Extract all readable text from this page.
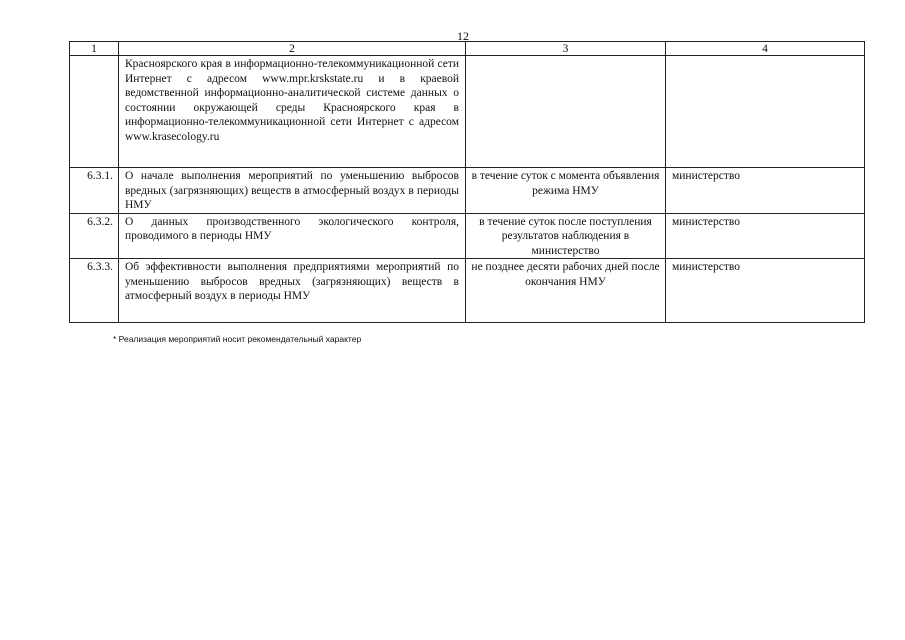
12
1	2	3	4
	Красноярского края в информационно-телекоммуникационной сети Интернет с адресом www.mpr.krskstate.ru и в краевой ведомственной информационно-аналитической системе данных о состоянии окружающей среды Красноярского края в информационно-телекоммуникационной сети Интернет с адресом www.krasecology.ru		
6.3.1.	О начале выполнения мероприятий по уменьшению выбросов вредных (загрязняющих) веществ в атмосферный воздух в периоды НМУ	в течение суток с момента объявления режима НМУ	министерство
6.3.2.	О данных производственного экологического контроля, проводимого в периоды НМУ	в течение суток после поступления результатов наблюдения в министерство	министерство
6.3.3.	Об эффективности выполнения предприятиями мероприятий по уменьшению выбросов вредных (загрязняющих) веществ в атмосферный воздух в периоды НМУ	не позднее десяти рабочих дней после окончания НМУ	министерство
* Реализация мероприятий носит рекомендательный характер
